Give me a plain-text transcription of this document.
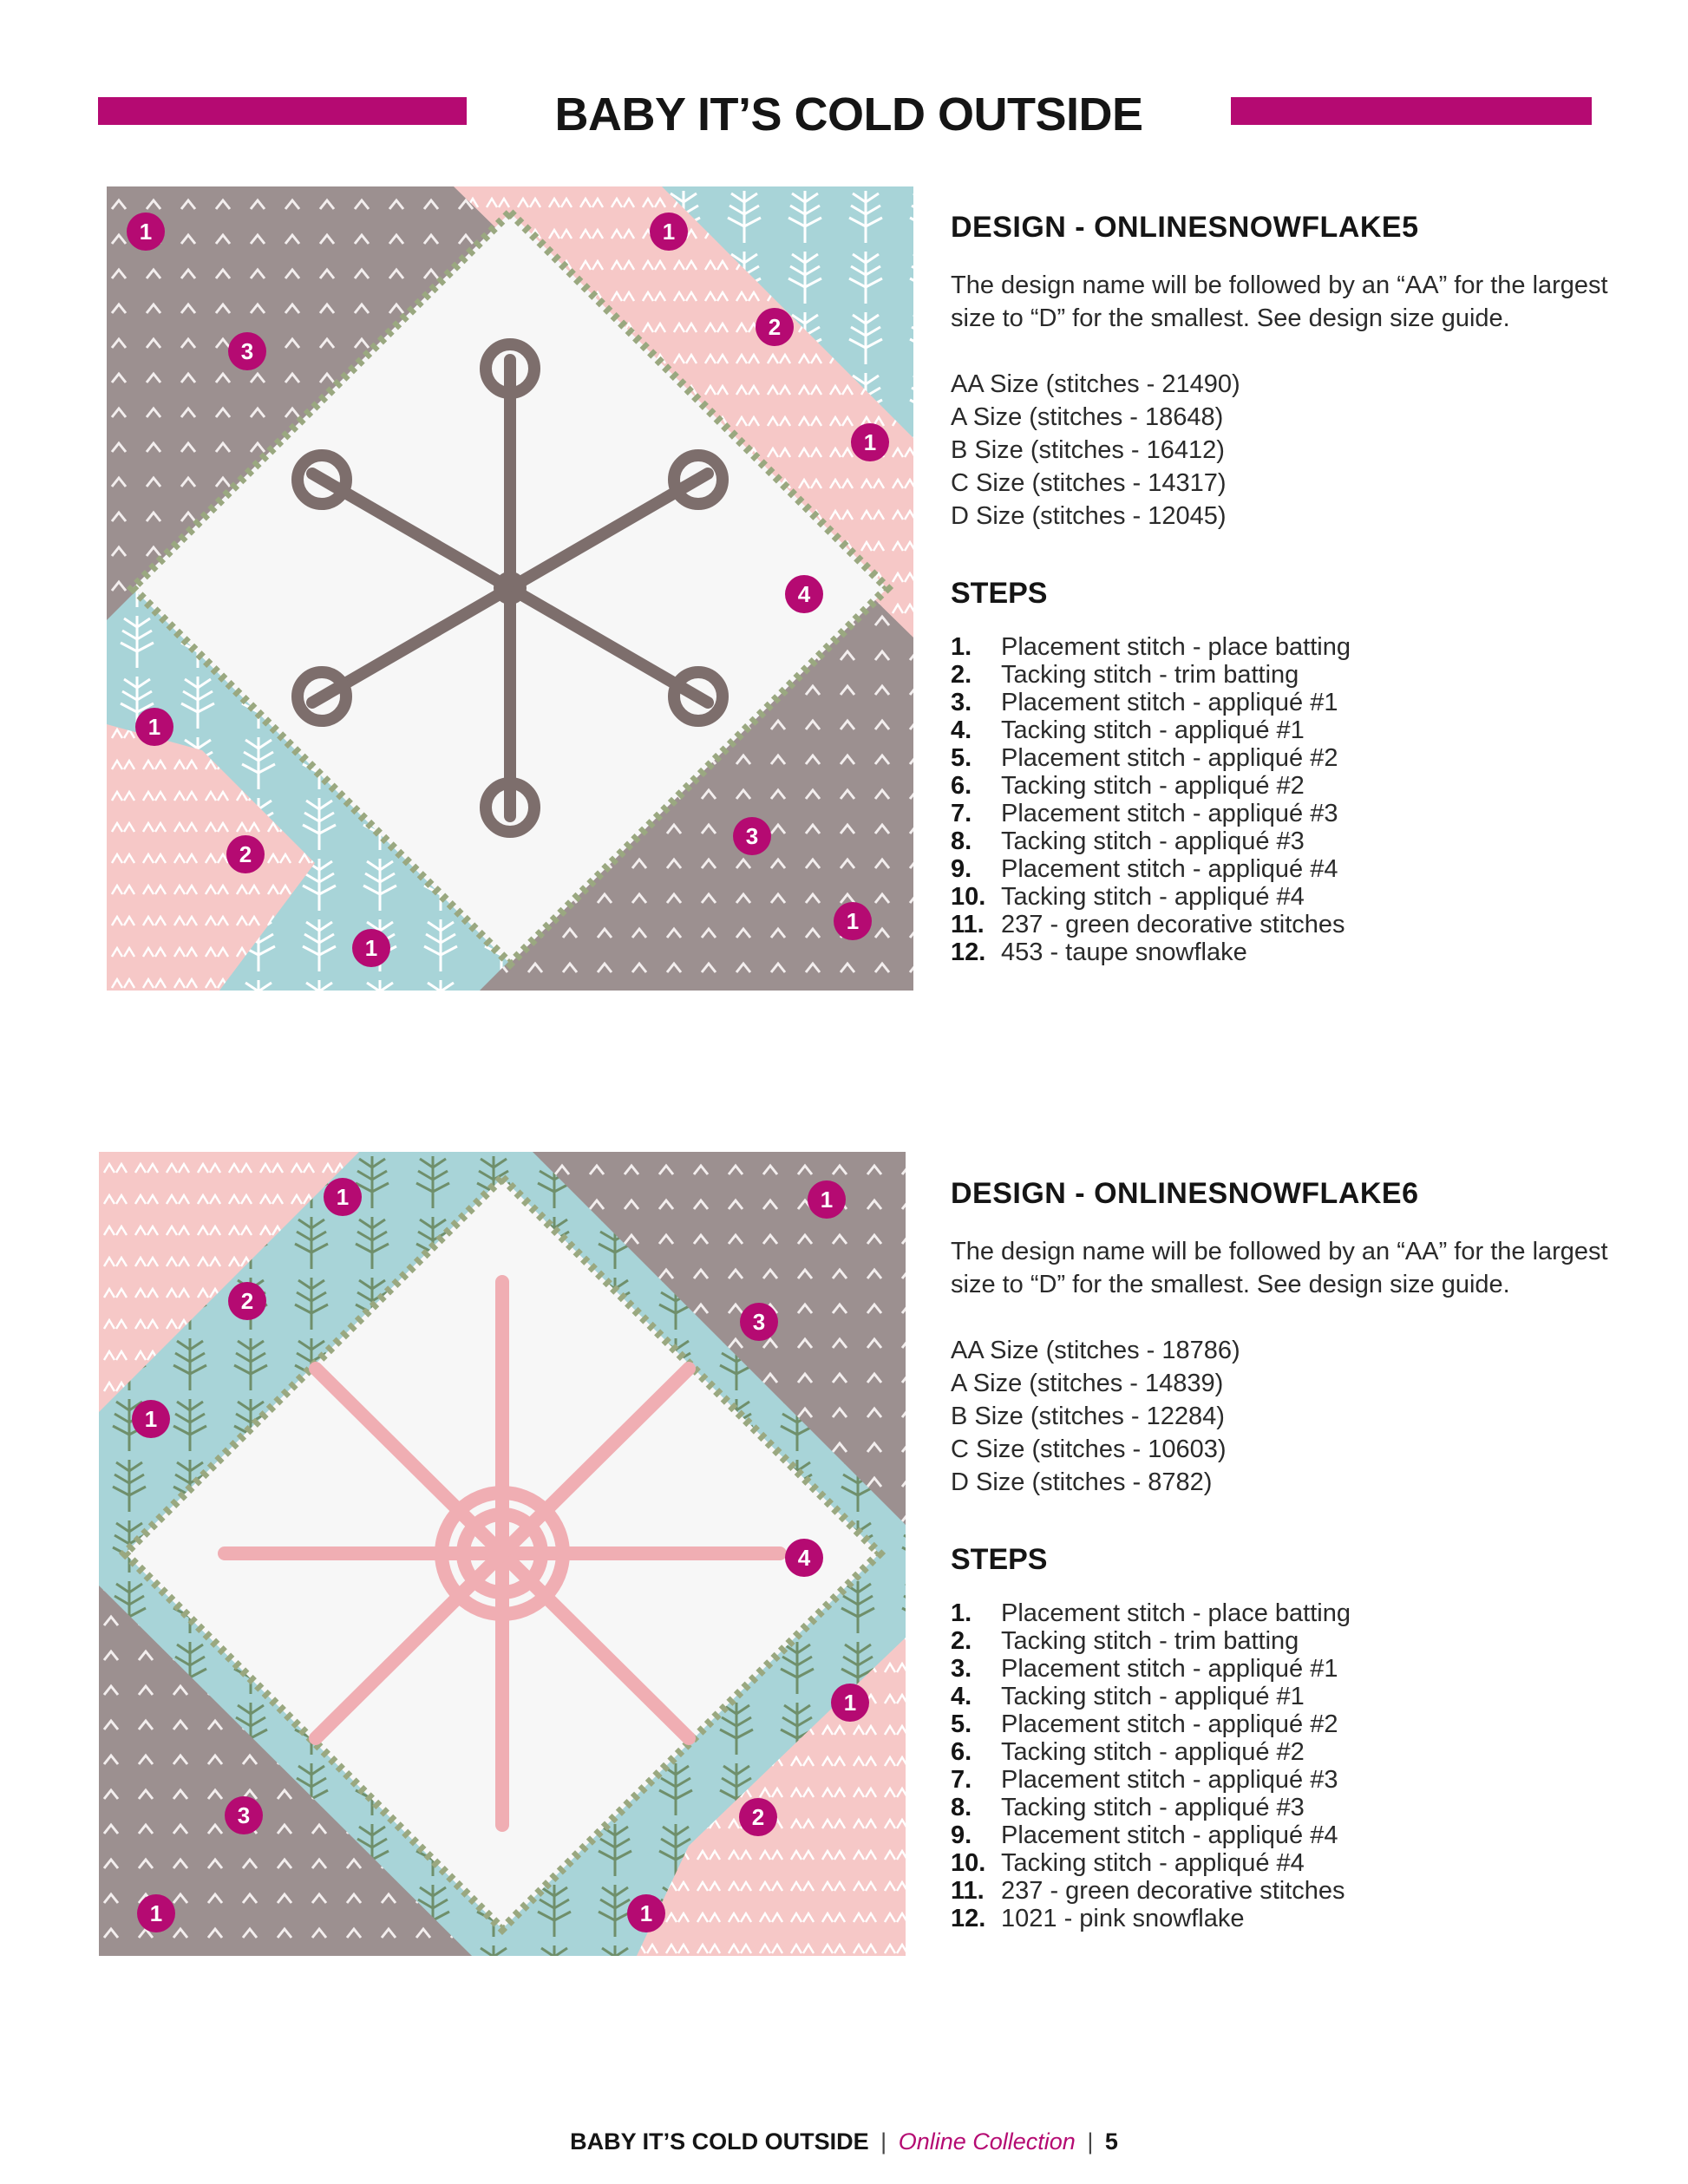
BABY IT’S COLD OUTSIDE
1	1
2
3
1
4
1
3
2
1
1
DESIGN - ONLINESNOWFLAKE5

The design name will be followed by an “AA” for the largest size to “D” for the smallest. See design size guide.

AA Size (stitches - 21490)
A Size (stitches - 18648)
B Size (stitches - 16412)
C Size (stitches - 14317)
D Size (stitches - 12045)
STEPS
1.	Placement stitch - place batting
2.	Tacking stitch - trim batting
3.	Placement stitch - appliqué #1
4.	Tacking stitch - appliqué #1
5.	Placement stitch - appliqué #2
6.	Tacking stitch - appliqué #2
7.	Placement stitch - appliqué #3
8.	Tacking stitch - appliqué #3
9.	Placement stitch - appliqué #4
10. Tacking stitch - appliqué #4
11. 237 - green decorative stitches
12. 453 - taupe snowflake
1	1
2
3
1
4
1
3	2
1	1
DESIGN - ONLINESNOWFLAKE6

The design name will be followed by an “AA” for the largest size to “D” for the smallest. See design size guide.

AA Size (stitches - 18786)
A Size (stitches - 14839)
B Size (stitches - 12284)
C Size (stitches - 10603)
D Size (stitches - 8782)
STEPS
1.	Placement stitch - place batting
2.	Tacking stitch - trim batting
3.	Placement stitch - appliqué #1
4.	Tacking stitch - appliqué #1
5.	Placement stitch - appliqué #2
6.	Tacking stitch - appliqué #2
7.	Placement stitch - appliqué #3
8.	Tacking stitch - appliqué #3
9.	Placement stitch - appliqué #4
10. Tacking stitch - appliqué #4
11. 237 - green decorative stitches
12. 1021 - pink snowflake
BABY IT’S COLD OUTSIDE | Online Collection | 5
